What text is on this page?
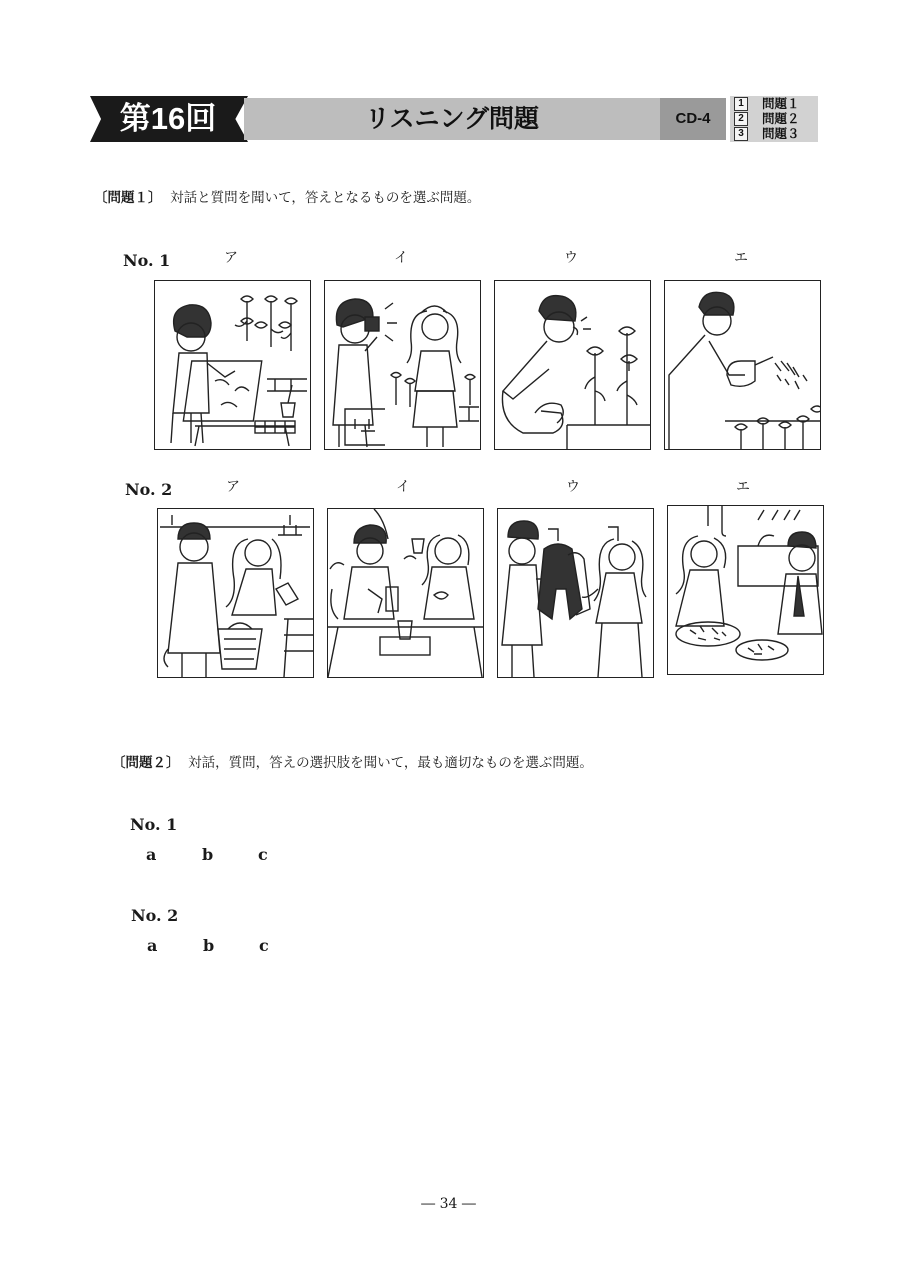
第16回	リスニング問題	CD-4
1 問題１
2 問題２
3 問題３
〔問題１〕 対話と質問を聞いて，答えとなるものを選ぶ問題。
No. 1	ア	イ	ウ	エ
No. 2	ア	イ	ウ	エ
〔問題２〕 対話，質問，答えの選択肢を聞いて，最も適切なものを選ぶ問題。
No. 1
a	b	c
No. 2
a	b	c
― 34 ―
